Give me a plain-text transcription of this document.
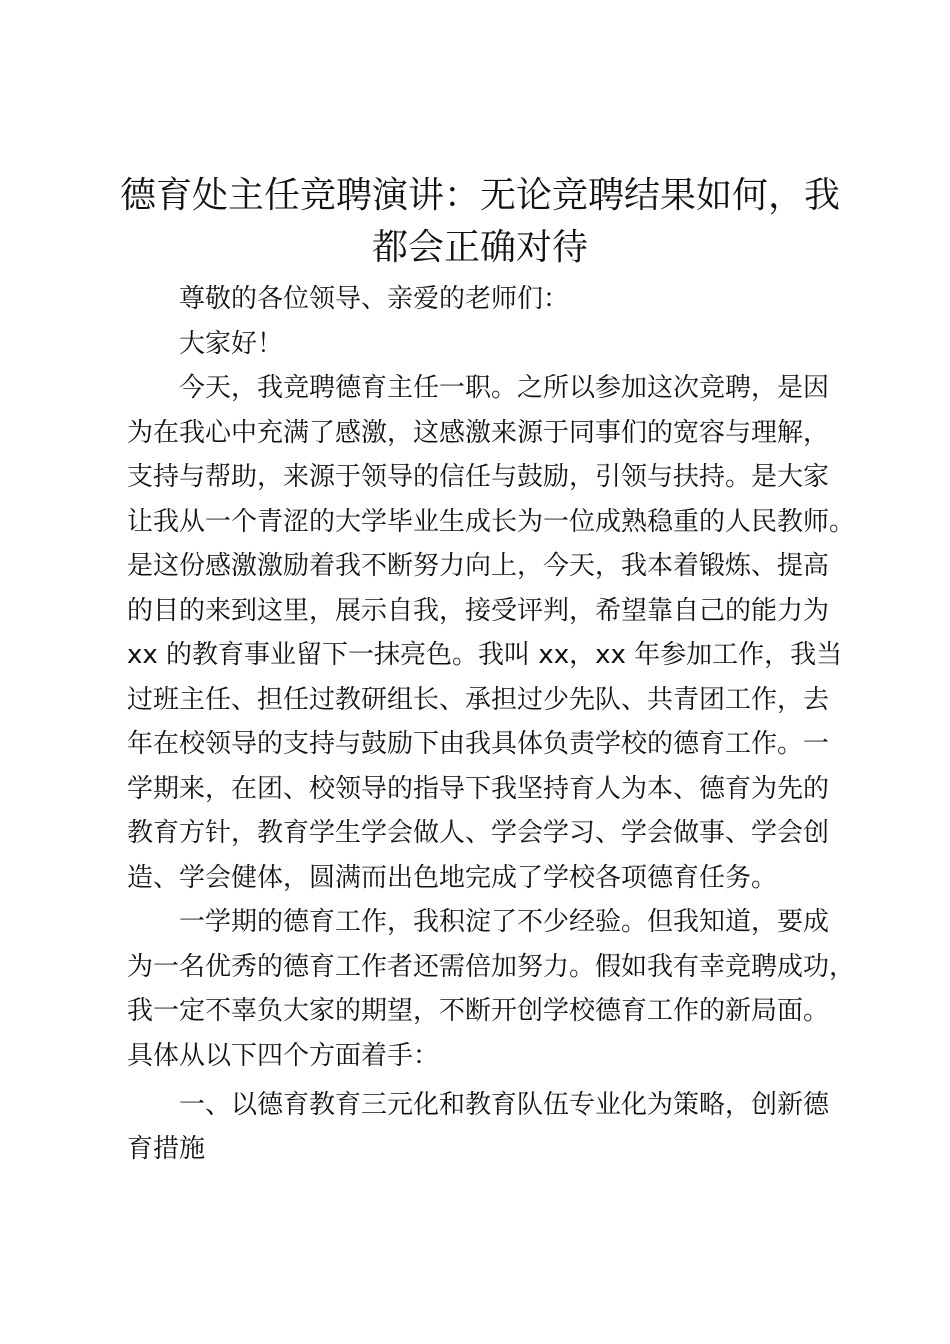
德育处主任竞聘演讲：无论竞聘结果如何，我
都会正确对待
尊敬的各位领导、亲爱的老师们：
大家好！
今天，我竞聘德育主任一职。之所以参加这次竞聘，是因
为在我心中充满了感激，这感激来源于同事们的宽容与理解，
支持与帮助，来源于领导的信任与鼓励，引领与扶持。是大家
让我从一个青涩的大学毕业生成长为一位成熟稳重的人民教师。
是这份感激激励着我不断努力向上，今天，我本着锻炼、提高
的目的来到这里，展示自我，接受评判，希望靠自己的能力为
xx 的教育事业留下一抹亮色。我叫 xx，xx 年参加工作，我当
过班主任、担任过教研组长、承担过少先队、共青团工作，去
年在校领导的支持与鼓励下由我具体负责学校的德育工作。一
学期来，在团、校领导的指导下我坚持育人为本、德育为先的
教育方针，教育学生学会做人、学会学习、学会做事、学会创
造、学会健体，圆满而出色地完成了学校各项德育任务。
一学期的德育工作，我积淀了不少经验。但我知道，要成
为一名优秀的德育工作者还需倍加努力。假如我有幸竞聘成功，
我一定不辜负大家的期望，不断开创学校德育工作的新局面。
具体从以下四个方面着手：
一、以德育教育三元化和教育队伍专业化为策略，创新德
育措施
